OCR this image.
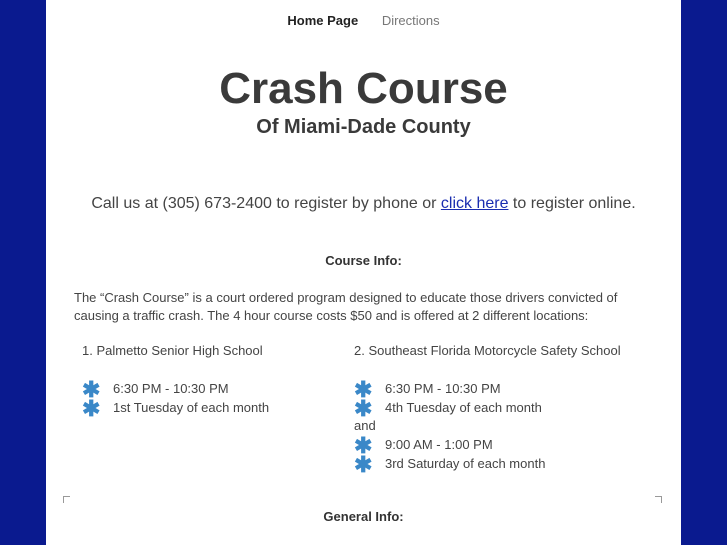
Home Page Directions
Crash Course
Of Miami-Dade County
Call us at (305) 673-2400 to register by phone or click here to register online.
Course Info:
The “Crash Course” is a court ordered program designed to educate those drivers convicted of causing a traffic crash. The 4 hour course costs $50 and is offered at 2 different locations:
1. Palmetto Senior High School
✱ 6:30 PM - 10:30 PM
✱ 1st Tuesday of each month
2. Southeast Florida Motorcycle Safety School
✱ 6:30 PM - 10:30 PM
✱ 4th Tuesday of each month
and
✱ 9:00 AM - 1:00 PM
✱ 3rd Saturday of each month
General Info:
